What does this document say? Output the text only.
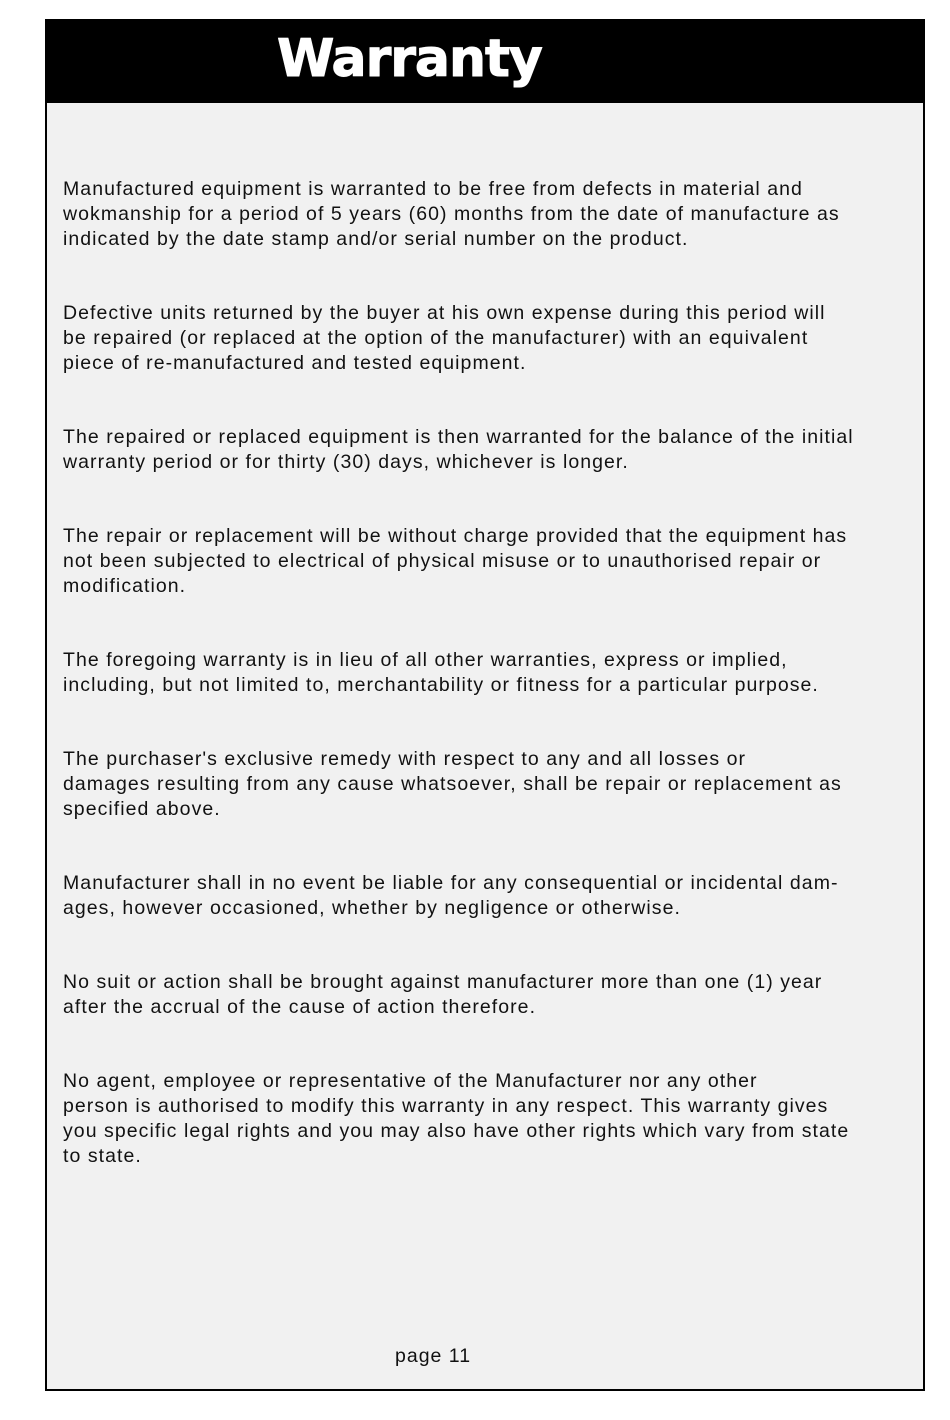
Warranty

Manufactured equipment is warranted to be free from defects in material and
wokmanship for a period of 5 years (60) months from the date of manufacture as
indicated by the date stamp and/or serial number on the product.

Defective units returned by the buyer at his own expense during this period will
be repaired (or replaced at the option of the manufacturer) with an equivalent
piece of re-manufactured and tested equipment.

The repaired or replaced equipment is then warranted for the balance of the initial
warranty period or for thirty (30) days, whichever is longer.

The repair or replacement will be without charge provided that the equipment has
not been subjected to electrical of physical misuse or to unauthorised repair or
modification.

The foregoing warranty is in lieu of all other warranties, express or implied,
including, but not limited to, merchantability or fitness for a particular purpose.

The purchaser's exclusive remedy with respect to any and all losses or
damages resulting from any cause whatsoever, shall be repair or replacement as
specified above.

Manufacturer shall in no event be liable for any consequential or incidental dam-
ages, however occasioned, whether by negligence or otherwise.

No suit or action shall be brought against manufacturer more than one (1) year
after the accrual of the cause of action therefore.

No agent, employee or representative of the Manufacturer nor any other
person is authorised to modify this warranty in any respect. This warranty gives
you specific legal rights and you may also have other rights which vary from state
to state.

page 11
